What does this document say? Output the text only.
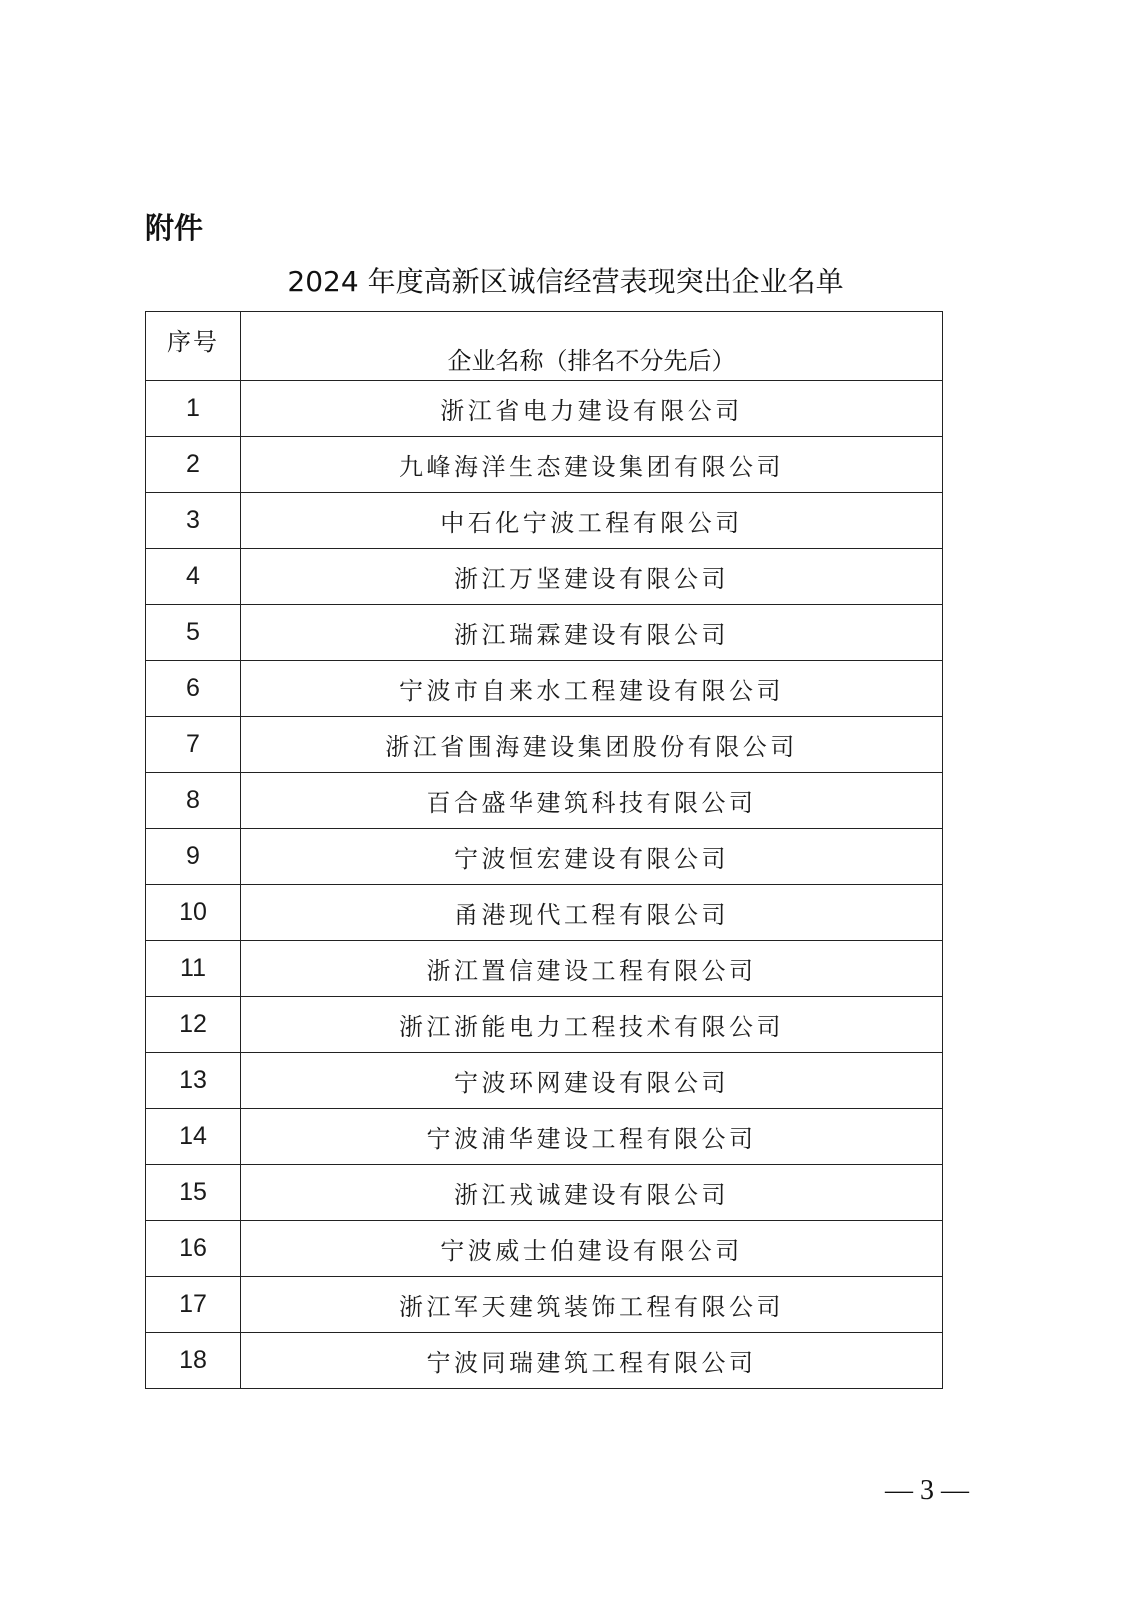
附件
2024 年度高新区诚信经营表现突出企业名单
序号	企业名称（排名不分先后）
1	浙江省电力建设有限公司
2	九峰海洋生态建设集团有限公司
3	中石化宁波工程有限公司
4	浙江万坚建设有限公司
5	浙江瑞霖建设有限公司
6	宁波市自来水工程建设有限公司
7	浙江省围海建设集团股份有限公司
8	百合盛华建筑科技有限公司
9	宁波恒宏建设有限公司
10	甬港现代工程有限公司
11	浙江置信建设工程有限公司
12	浙江浙能电力工程技术有限公司
13	宁波环网建设有限公司
14	宁波浦华建设工程有限公司
15	浙江戎诚建设有限公司
16	宁波威士伯建设有限公司
17	浙江军天建筑装饰工程有限公司
18	宁波同瑞建筑工程有限公司
— 3 —
